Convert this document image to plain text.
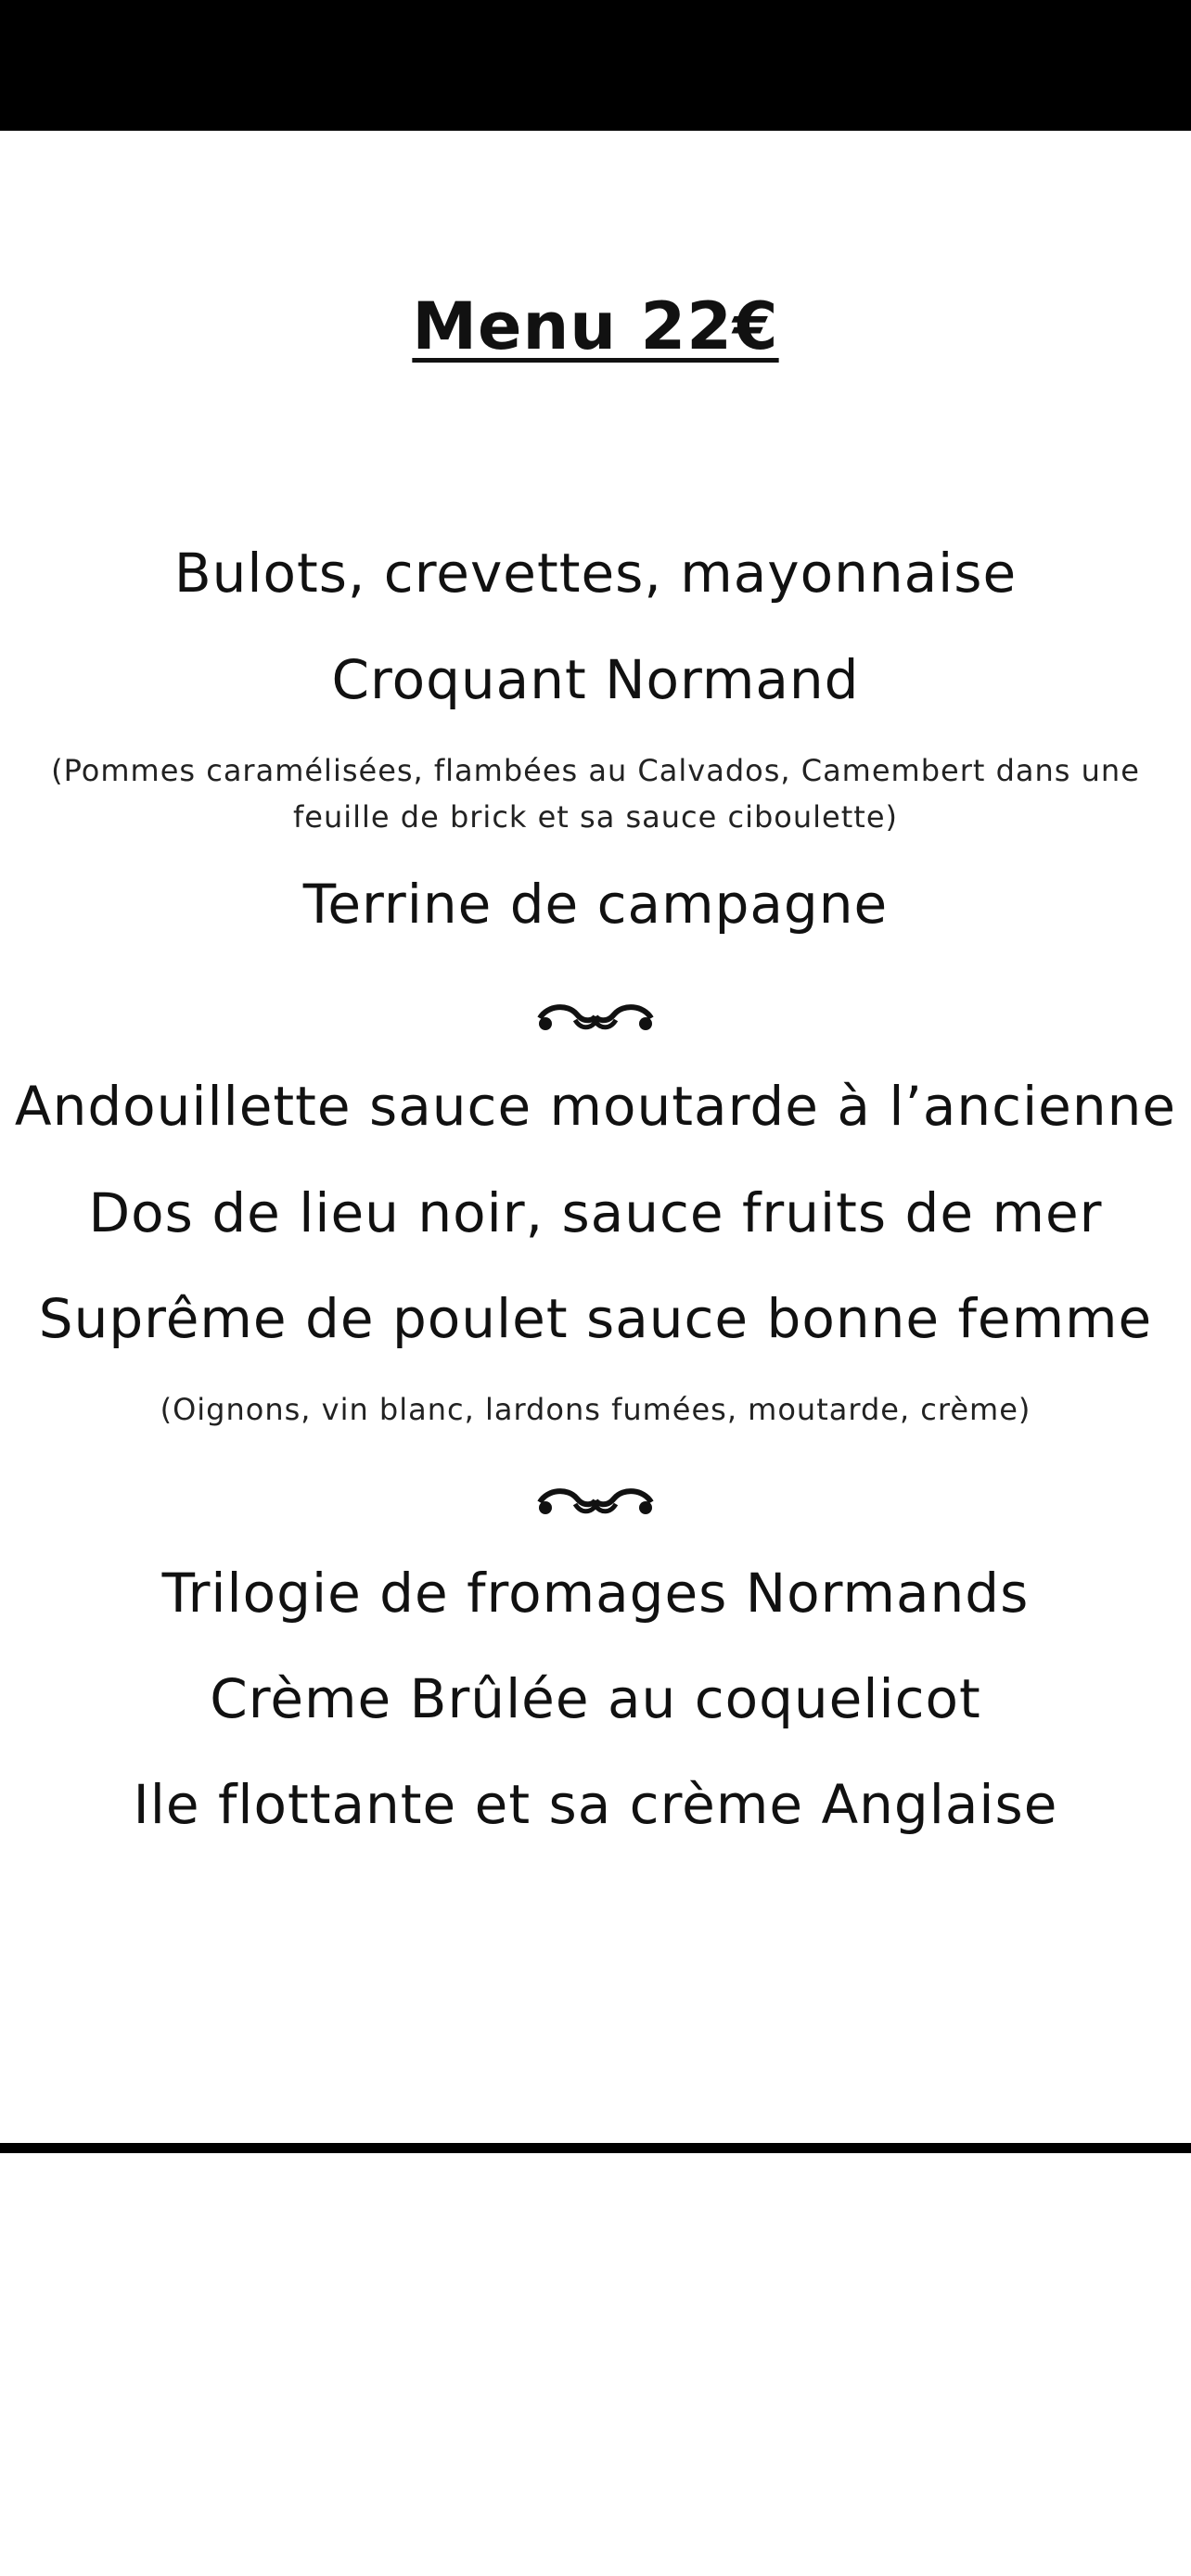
Menu 22€
Bulots, crevettes, mayonnaise
Croquant Normand
(Pommes caramélisées, flambées au Calvados, Camembert dans une feuille de brick et sa sauce ciboulette)
Terrine de campagne
Andouillette sauce moutarde à l’ancienne
Dos de lieu noir, sauce fruits de mer
Suprême de poulet sauce bonne femme
(Oignons, vin blanc, lardons fumées, moutarde, crème)
Trilogie de fromages Normands
Crème Brûlée au coquelicot
Ile flottante et sa crème Anglaise
